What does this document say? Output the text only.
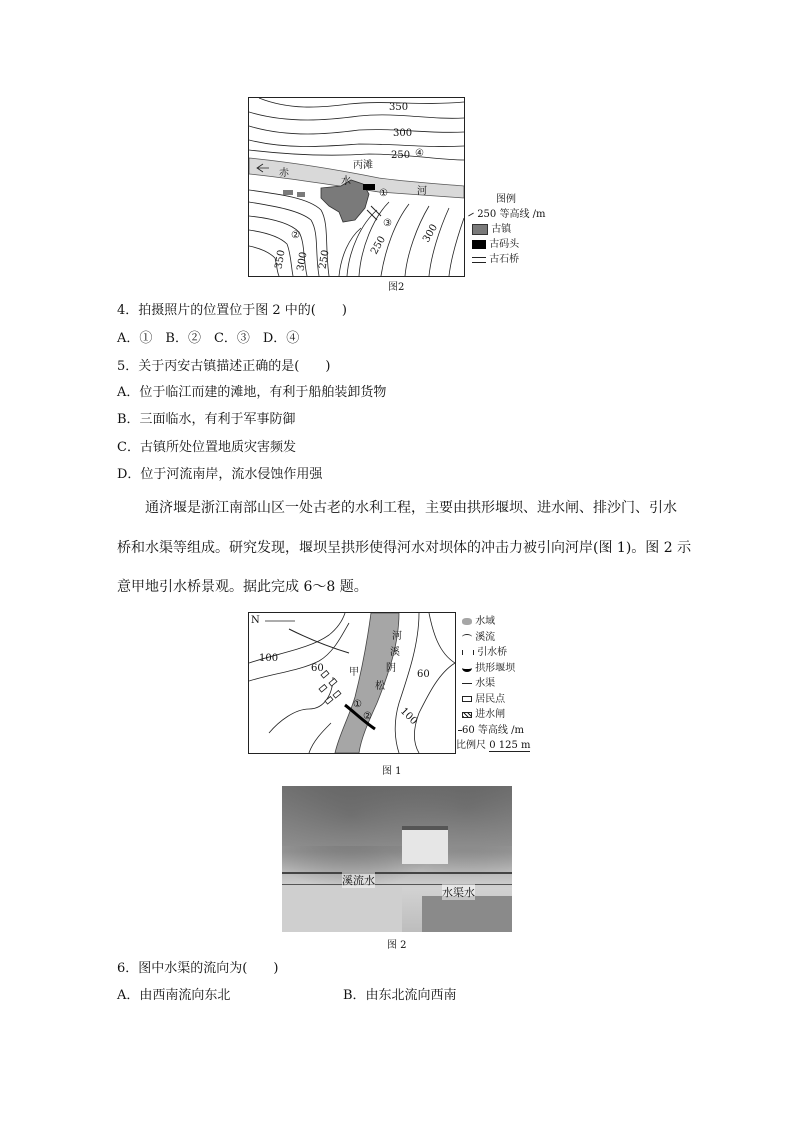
350
300
250 ④
赤
水
河
丙滩
①
③
②	300
250
350 300 250
图例
250 等高线 /m
古镇
古码头
古石桥
图2
4．拍摄照片的位置位于图 2 中的(　　)
A．①　B．②　C．③　D．④
5．关于丙安古镇描述正确的是(　　)
A．位于临江而建的滩地，有利于船舶装卸货物
B．三面临水，有利于军事防御
C．古镇所处位置地质灾害频发
D．位于河流南岸，流水侵蚀作用强
通济堰是浙江南部山区一处古老的水利工程，主要由拱形堰坝、进水闸、排沙门、引水
桥和水渠等组成。研究发现，堰坝呈拱形使得河水对坝体的冲击力被引向河岸(图 1)。图 2 示
意甲地引水桥景观。据此完成 6～8 题。
N
100
60
60
100
河
溪
阴
松
甲
①
②
水域
溪流
引水桥
拱形堰坝
水渠
居民点
进水闸
60 等高线 /m
比例尺 0 125 m
图 1
溪流水
水渠水
图 2
6．图中水渠的流向为(　　)
A．由西南流向东北	B．由东北流向西南
